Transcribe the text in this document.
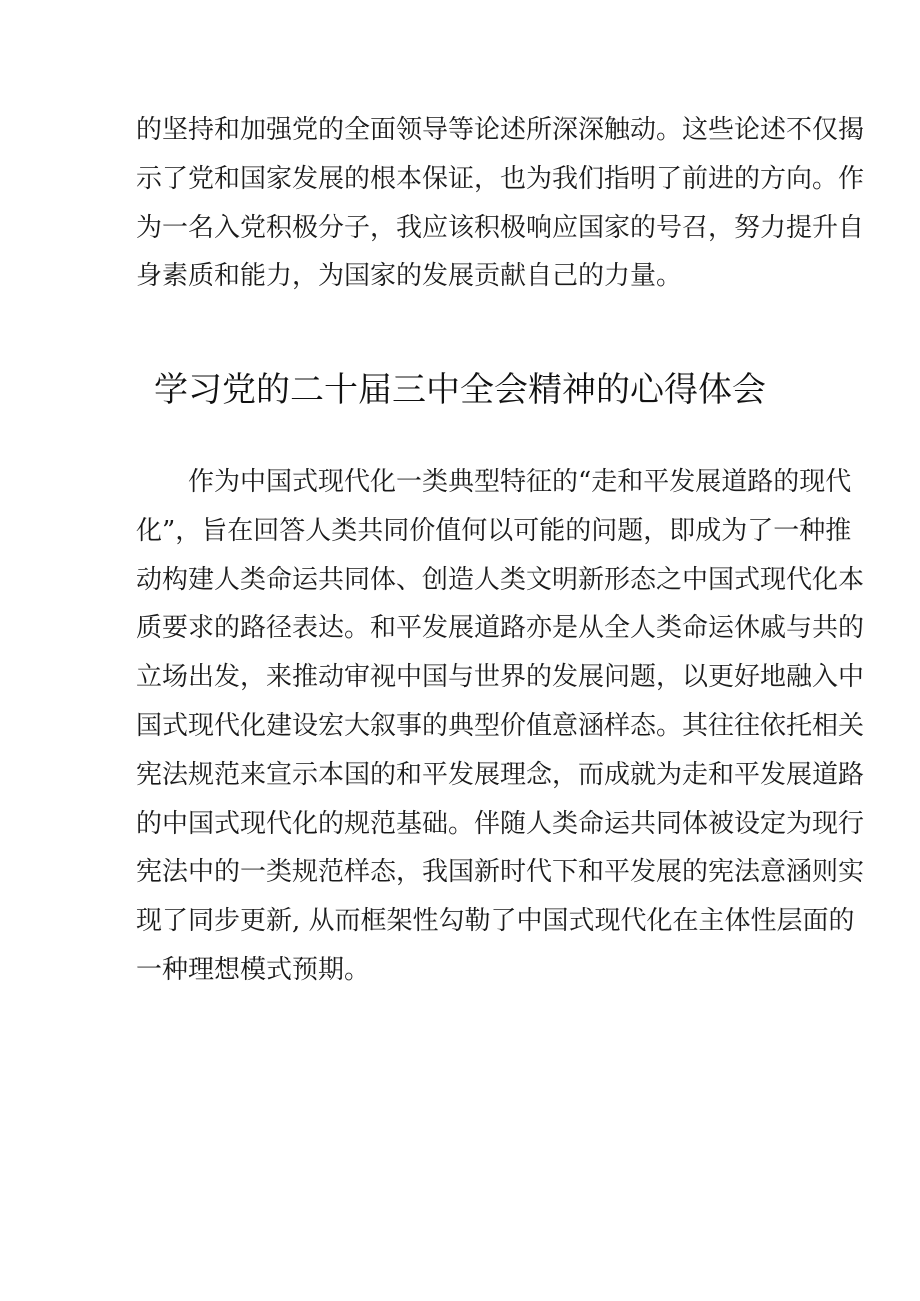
的坚持和加强党的全面领导等论述所深深触动。这些论述不仅揭
示了党和国家发展的根本保证，也为我们指明了前进的方向。作
为一名入党积极分子，我应该积极响应国家的号召，努力提升自
身素质和能力，为国家的发展贡献自己的力量。

学习党的二十届三中全会精神的心得体会

　　作为中国式现代化一类典型特征的“走和平发展道路的现代
化”，旨在回答人类共同价值何以可能的问题，即成为了一种推
动构建人类命运共同体、创造人类文明新形态之中国式现代化本
质要求的路径表达。和平发展道路亦是从全人类命运休戚与共的
立场出发，来推动审视中国与世界的发展问题，以更好地融入中
国式现代化建设宏大叙事的典型价值意涵样态。其往往依托相关
宪法规范来宣示本国的和平发展理念，而成就为走和平发展道路
的中国式现代化的规范基础。伴随人类命运共同体被设定为现行
宪法中的一类规范样态，我国新时代下和平发展的宪法意涵则实
现了同步更新, 从而框架性勾勒了中国式现代化在主体性层面的
一种理想模式预期。
